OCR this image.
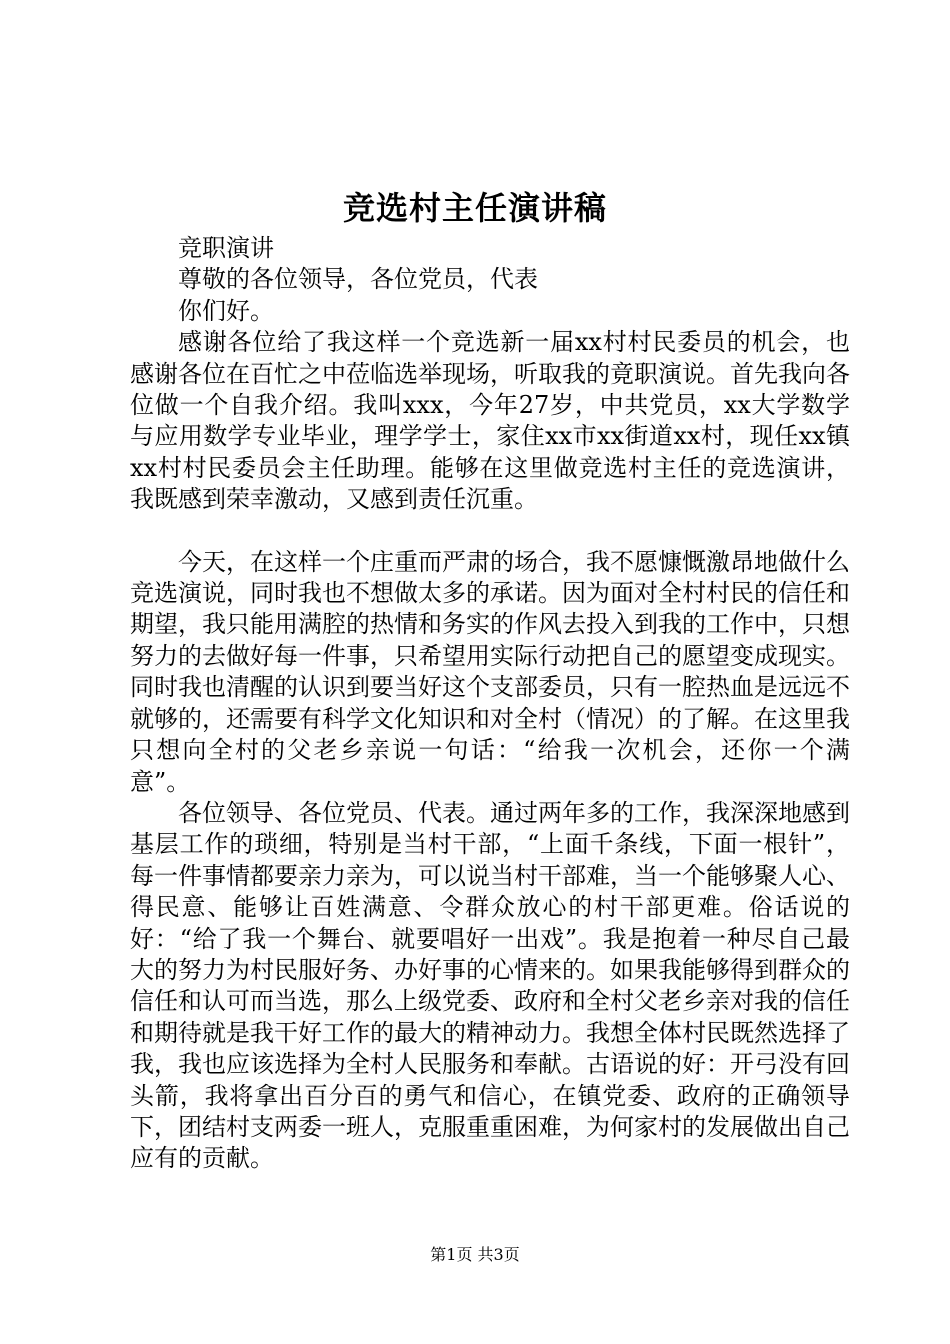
竞选村主任演讲稿

竞职演讲

尊敬的各位领导，各位党员，代表

你们好。

感谢各位给了我这样一个竞选新一届xx村村民委员的机会，也感谢各位在百忙之中莅临选举现场，听取我的竟职演说。首先我向各位做一个自我介绍。我叫xxx，今年27岁，中共党员，xx大学数学与应用数学专业毕业，理学学士，家住xx市xx街道xx村，现任xx镇xx村村民委员会主任助理。能够在这里做竞选村主任的竞选演讲，我既感到荣幸激动，又感到责任沉重。

今天，在这样一个庄重而严肃的场合，我不愿慷慨激昂地做什么竞选演说，同时我也不想做太多的承诺。因为面对全村村民的信任和期望，我只能用满腔的热情和务实的作风去投入到我的工作中，只想努力的去做好每一件事，只希望用实际行动把自己的愿望变成现实。同时我也清醒的认识到要当好这个支部委员，只有一腔热血是远远不就够的，还需要有科学文化知识和对全村（情况）的了解。在这里我只想向全村的父老乡亲说一句话：“给我一次机会，还你一个满意”。

各位领导、各位党员、代表。通过两年多的工作，我深深地感到基层工作的琐细，特别是当村干部，“上面千条线，下面一根针”，每一件事情都要亲力亲为，可以说当村干部难，当一个能够聚人心、得民意、能够让百姓满意、令群众放心的村干部更难。俗话说的好：“给了我一个舞台、就要唱好一出戏”。我是抱着一种尽自己最大的努力为村民服好务、办好事的心情来的。如果我能够得到群众的信任和认可而当选，那么上级党委、政府和全村父老乡亲对我的信任和期待就是我干好工作的最大的精神动力。我想全体村民既然选择了我，我也应该选择为全村人民服务和奉献。古语说的好：开弓没有回头箭，我将拿出百分百的勇气和信心，在镇党委、政府的正确领导下，团结村支两委一班人，克服重重困难，为何家村的发展做出自己应有的贡献。

第1页 共3页
